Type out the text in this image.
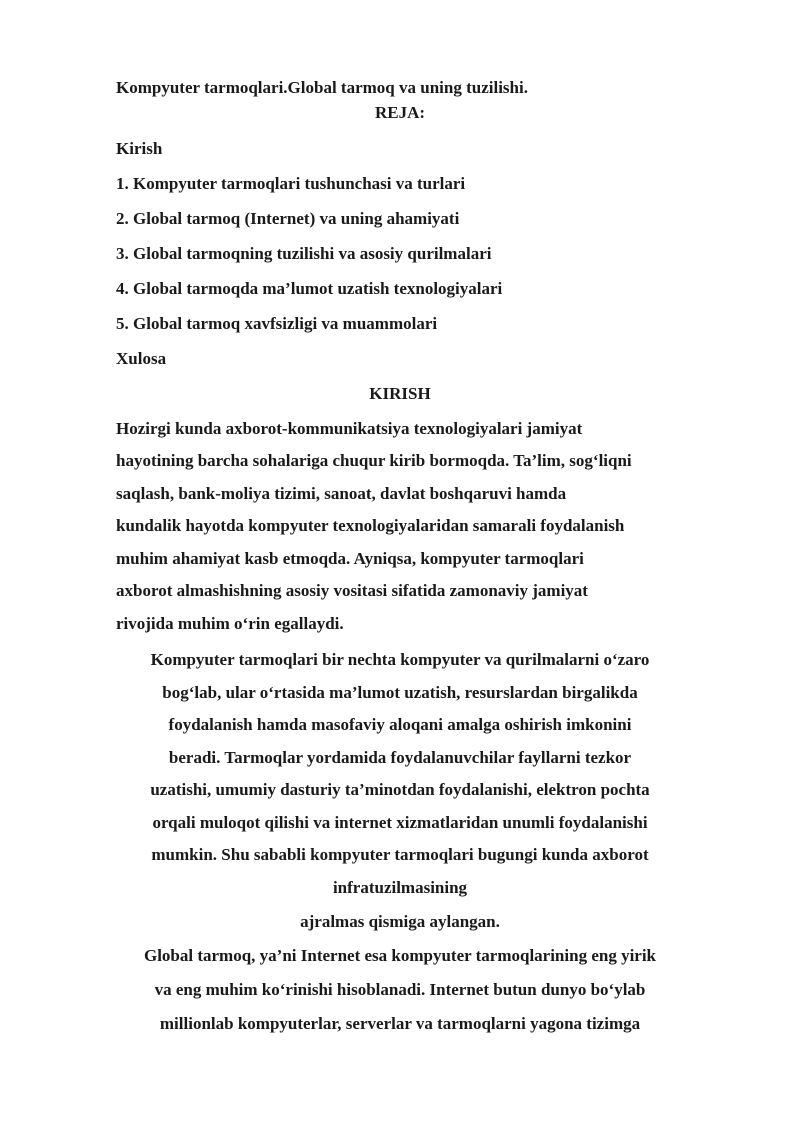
Kompyuter tarmoqlari.Global tarmoq va uning tuzilishi.
REJA:
Kirish
1. Kompyuter tarmoqlari tushunchasi va turlari
2. Global tarmoq (Internet) va uning ahamiyati
3. Global tarmoqning tuzilishi va asosiy qurilmalari
4. Global tarmoqda ma’lumot uzatish texnologiyalari
5. Global tarmoq xavfsizligi va muammolari
Xulosa
KIRISH
Hozirgi kunda axborot-kommunikatsiya texnologiyalari jamiyat
hayotining barcha sohalariga chuqur kirib bormoqda. Ta’lim, sog‘liqni
saqlash, bank-moliya tizimi, sanoat, davlat boshqaruvi hamda
kundalik hayotda kompyuter texnologiyalaridan samarali foydalanish
muhim ahamiyat kasb etmoqda. Ayniqsa, kompyuter tarmoqlari
axborot almashishning asosiy vositasi sifatida zamonaviy jamiyat
rivojida muhim o‘rin egallaydi.
Kompyuter tarmoqlari bir nechta kompyuter va qurilmalarni o‘zaro
bog‘lab, ular o‘rtasida ma’lumot uzatish, resurslardan birgalikda
foydalanish hamda masofaviy aloqani amalga oshirish imkonini
beradi. Tarmoqlar yordamida foydalanuvchilar fayllarni tezkor
uzatishi, umumiy dasturiy ta’minotdan foydalanishi, elektron pochta
orqali muloqot qilishi va internet xizmatlaridan unumli foydalanishi
mumkin. Shu sababli kompyuter tarmoqlari bugungi kunda axborot
infratuzilmasining
ajralmas qismiga aylangan.
Global tarmoq, ya’ni Internet esa kompyuter tarmoqlarining eng yirik
va eng muhim ko‘rinishi hisoblanadi. Internet butun dunyo bo‘ylab
millionlab kompyuterlar, serverlar va tarmoqlarni yagona tizimga
